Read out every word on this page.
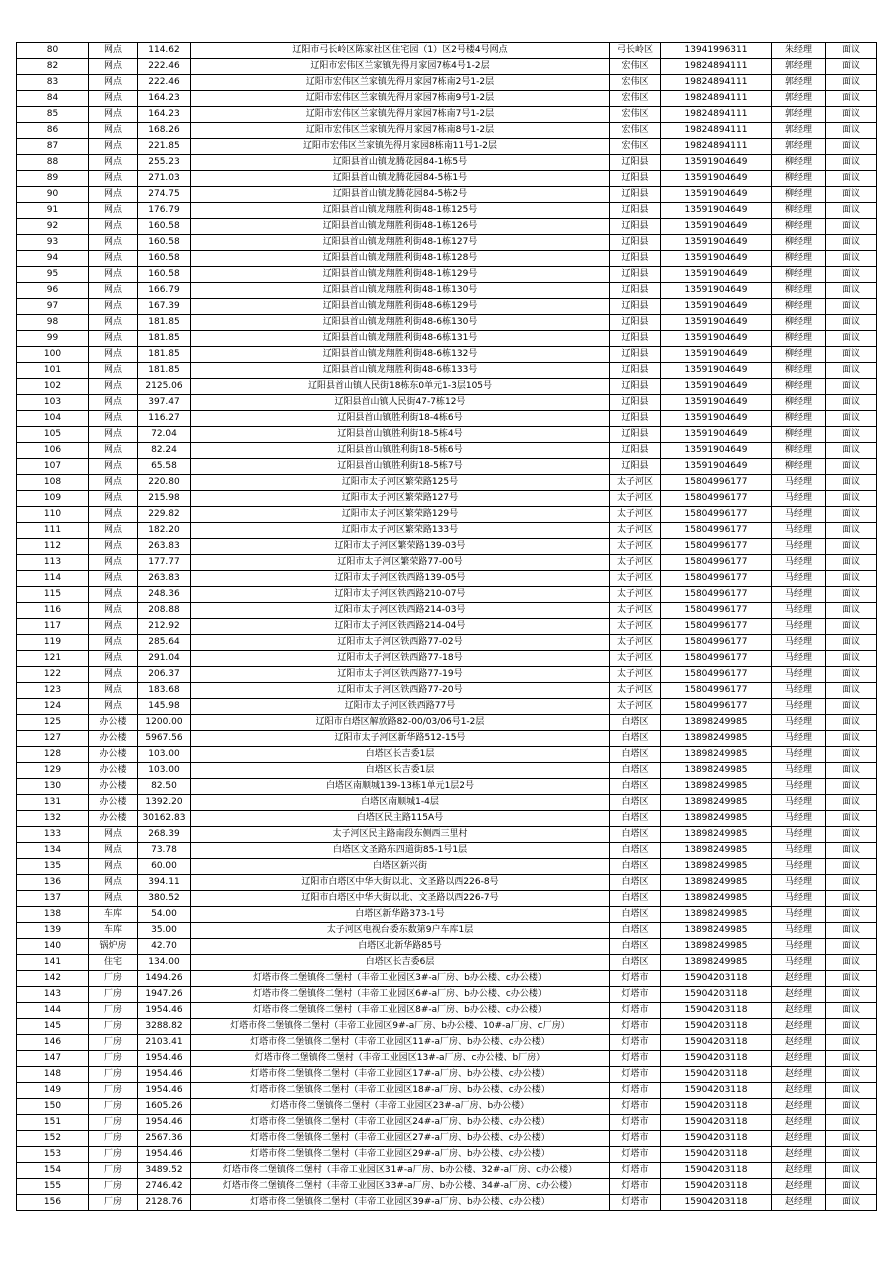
80	网点	114.62	辽阳市弓长岭区陈家社区住宅园（1）区2号楼4号网点	弓长岭区	13941996311	朱经理	面议
82	网点	222.46	辽阳市宏伟区兰家镇先得月家园7栋4号1-2层	宏伟区	19824894111	郭经理	面议
83	网点	222.46	辽阳市宏伟区兰家镇先得月家园7栋南2号1-2层	宏伟区	19824894111	郭经理	面议
84	网点	164.23	辽阳市宏伟区兰家镇先得月家园7栋南9号1-2层	宏伟区	19824894111	郭经理	面议
85	网点	164.23	辽阳市宏伟区兰家镇先得月家园7栋南7号1-2层	宏伟区	19824894111	郭经理	面议
86	网点	168.26	辽阳市宏伟区兰家镇先得月家园7栋南8号1-2层	宏伟区	19824894111	郭经理	面议
87	网点	221.85	辽阳市宏伟区兰家镇先得月家园8栋南11号1-2层	宏伟区	19824894111	郭经理	面议
88	网点	255.23	辽阳县首山镇龙腾花园84-1栋5号	辽阳县	13591904649	柳经理	面议
89	网点	271.03	辽阳县首山镇龙腾花园84-5栋1号	辽阳县	13591904649	柳经理	面议
90	网点	274.75	辽阳县首山镇龙腾花园84-5栋2号	辽阳县	13591904649	柳经理	面议
91	网点	176.79	辽阳县首山镇龙翔胜利街48-1栋125号	辽阳县	13591904649	柳经理	面议
92	网点	160.58	辽阳县首山镇龙翔胜利街48-1栋126号	辽阳县	13591904649	柳经理	面议
93	网点	160.58	辽阳县首山镇龙翔胜利街48-1栋127号	辽阳县	13591904649	柳经理	面议
94	网点	160.58	辽阳县首山镇龙翔胜利街48-1栋128号	辽阳县	13591904649	柳经理	面议
95	网点	160.58	辽阳县首山镇龙翔胜利街48-1栋129号	辽阳县	13591904649	柳经理	面议
96	网点	166.79	辽阳县首山镇龙翔胜利街48-1栋130号	辽阳县	13591904649	柳经理	面议
97	网点	167.39	辽阳县首山镇龙翔胜利街48-6栋129号	辽阳县	13591904649	柳经理	面议
98	网点	181.85	辽阳县首山镇龙翔胜利街48-6栋130号	辽阳县	13591904649	柳经理	面议
99	网点	181.85	辽阳县首山镇龙翔胜利街48-6栋131号	辽阳县	13591904649	柳经理	面议
100	网点	181.85	辽阳县首山镇龙翔胜利街48-6栋132号	辽阳县	13591904649	柳经理	面议
101	网点	181.85	辽阳县首山镇龙翔胜利街48-6栋133号	辽阳县	13591904649	柳经理	面议
102	网点	2125.06	辽阳县首山镇人民街18栋东0单元1-3层105号	辽阳县	13591904649	柳经理	面议
103	网点	397.47	辽阳县首山镇人民街47-7栋12号	辽阳县	13591904649	柳经理	面议
104	网点	116.27	辽阳县首山镇胜利街18-4栋6号	辽阳县	13591904649	柳经理	面议
105	网点	72.04	辽阳县首山镇胜利街18-5栋4号	辽阳县	13591904649	柳经理	面议
106	网点	82.24	辽阳县首山镇胜利街18-5栋6号	辽阳县	13591904649	柳经理	面议
107	网点	65.58	辽阳县首山镇胜利街18-5栋7号	辽阳县	13591904649	柳经理	面议
108	网点	220.80	辽阳市太子河区繁荣路125号	太子河区	15804996177	马经理	面议
109	网点	215.98	辽阳市太子河区繁荣路127号	太子河区	15804996177	马经理	面议
110	网点	229.82	辽阳市太子河区繁荣路129号	太子河区	15804996177	马经理	面议
111	网点	182.20	辽阳市太子河区繁荣路133号	太子河区	15804996177	马经理	面议
112	网点	263.83	辽阳市太子河区繁荣路139-03号	太子河区	15804996177	马经理	面议
113	网点	177.77	辽阳市太子河区繁荣路77-00号	太子河区	15804996177	马经理	面议
114	网点	263.83	辽阳市太子河区铁西路139-05号	太子河区	15804996177	马经理	面议
115	网点	248.36	辽阳市太子河区铁西路210-07号	太子河区	15804996177	马经理	面议
116	网点	208.88	辽阳市太子河区铁西路214-03号	太子河区	15804996177	马经理	面议
117	网点	212.92	辽阳市太子河区铁西路214-04号	太子河区	15804996177	马经理	面议
119	网点	285.64	辽阳市太子河区铁西路77-02号	太子河区	15804996177	马经理	面议
121	网点	291.04	辽阳市太子河区铁西路77-18号	太子河区	15804996177	马经理	面议
122	网点	206.37	辽阳市太子河区铁西路77-19号	太子河区	15804996177	马经理	面议
123	网点	183.68	辽阳市太子河区铁西路77-20号	太子河区	15804996177	马经理	面议
124	网点	145.98	辽阳市太子河区铁西路77号	太子河区	15804996177	马经理	面议
125	办公楼	1200.00	辽阳市白塔区解放路82-00/03/06号1-2层	白塔区	13898249985	马经理	面议
127	办公楼	5967.56	辽阳市太子河区新华路512-15号	白塔区	13898249985	马经理	面议
128	办公楼	103.00	白塔区长吉委1层	白塔区	13898249985	马经理	面议
129	办公楼	103.00	白塔区长吉委1层	白塔区	13898249985	马经理	面议
130	办公楼	82.50	白塔区南顺城139-13栋1单元1层2号	白塔区	13898249985	马经理	面议
131	办公楼	1392.20	白塔区南顺城1-4层	白塔区	13898249985	马经理	面议
132	办公楼	30162.83	白塔区民主路115A号	白塔区	13898249985	马经理	面议
133	网点	268.39	太子河区民主路南段东侧西三里村	白塔区	13898249985	马经理	面议
134	网点	73.78	白塔区文圣路东四道街85-1号1层	白塔区	13898249985	马经理	面议
135	网点	60.00	白塔区新兴街	白塔区	13898249985	马经理	面议
136	网点	394.11	辽阳市白塔区中华大街以北、文圣路以西226-8号	白塔区	13898249985	马经理	面议
137	网点	380.52	辽阳市白塔区中华大街以北、文圣路以西226-7号	白塔区	13898249985	马经理	面议
138	车库	54.00	白塔区新华路373-1号	白塔区	13898249985	马经理	面议
139	车库	35.00	太子河区电视台委东数第9户车库1层	白塔区	13898249985	马经理	面议
140	锅炉房	42.70	白塔区北新华路85号	白塔区	13898249985	马经理	面议
141	住宅	134.00	白塔区长吉委6层	白塔区	13898249985	马经理	面议
142	厂房	1494.26	灯塔市佟二堡镇佟二堡村（丰帝工业园区3#-a厂房、b办公楼、c办公楼）	灯塔市	15904203118	赵经理	面议
143	厂房	1947.26	灯塔市佟二堡镇佟二堡村（丰帝工业园区6#-a厂房、b办公楼、c办公楼）	灯塔市	15904203118	赵经理	面议
144	厂房	1954.46	灯塔市佟二堡镇佟二堡村（丰帝工业园区8#-a厂房、b办公楼、c办公楼）	灯塔市	15904203118	赵经理	面议
145	厂房	3288.82	灯塔市佟二堡镇佟二堡村（丰帝工业园区9#-a厂房、b办公楼、10#-a厂房、c厂房）	灯塔市	15904203118	赵经理	面议
146	厂房	2103.41	灯塔市佟二堡镇佟二堡村（丰帝工业园区11#-a厂房、b办公楼、c办公楼）	灯塔市	15904203118	赵经理	面议
147	厂房	1954.46	灯塔市佟二堡镇佟二堡村（丰帝工业园区13#-a厂房、c办公楼、b厂房）	灯塔市	15904203118	赵经理	面议
148	厂房	1954.46	灯塔市佟二堡镇佟二堡村（丰帝工业园区17#-a厂房、b办公楼、c办公楼）	灯塔市	15904203118	赵经理	面议
149	厂房	1954.46	灯塔市佟二堡镇佟二堡村（丰帝工业园区18#-a厂房、b办公楼、c办公楼）	灯塔市	15904203118	赵经理	面议
150	厂房	1605.26	灯塔市佟二堡镇佟二堡村（丰帝工业园区23#-a厂房、b办公楼）	灯塔市	15904203118	赵经理	面议
151	厂房	1954.46	灯塔市佟二堡镇佟二堡村（丰帝工业园区24#-a厂房、b办公楼、c办公楼）	灯塔市	15904203118	赵经理	面议
152	厂房	2567.36	灯塔市佟二堡镇佟二堡村（丰帝工业园区27#-a厂房、b办公楼、c办公楼）	灯塔市	15904203118	赵经理	面议
153	厂房	1954.46	灯塔市佟二堡镇佟二堡村（丰帝工业园区29#-a厂房、b办公楼、c办公楼）	灯塔市	15904203118	赵经理	面议
154	厂房	3489.52	灯塔市佟二堡镇佟二堡村（丰帝工业园区31#-a厂房、b办公楼、32#-a厂房、c办公楼）	灯塔市	15904203118	赵经理	面议
155	厂房	2746.42	灯塔市佟二堡镇佟二堡村（丰帝工业园区33#-a厂房、b办公楼、34#-a厂房、c办公楼）	灯塔市	15904203118	赵经理	面议
156	厂房	2128.76	灯塔市佟二堡镇佟二堡村（丰帝工业园区39#-a厂房、b办公楼、c办公楼）	灯塔市	15904203118	赵经理	面议
